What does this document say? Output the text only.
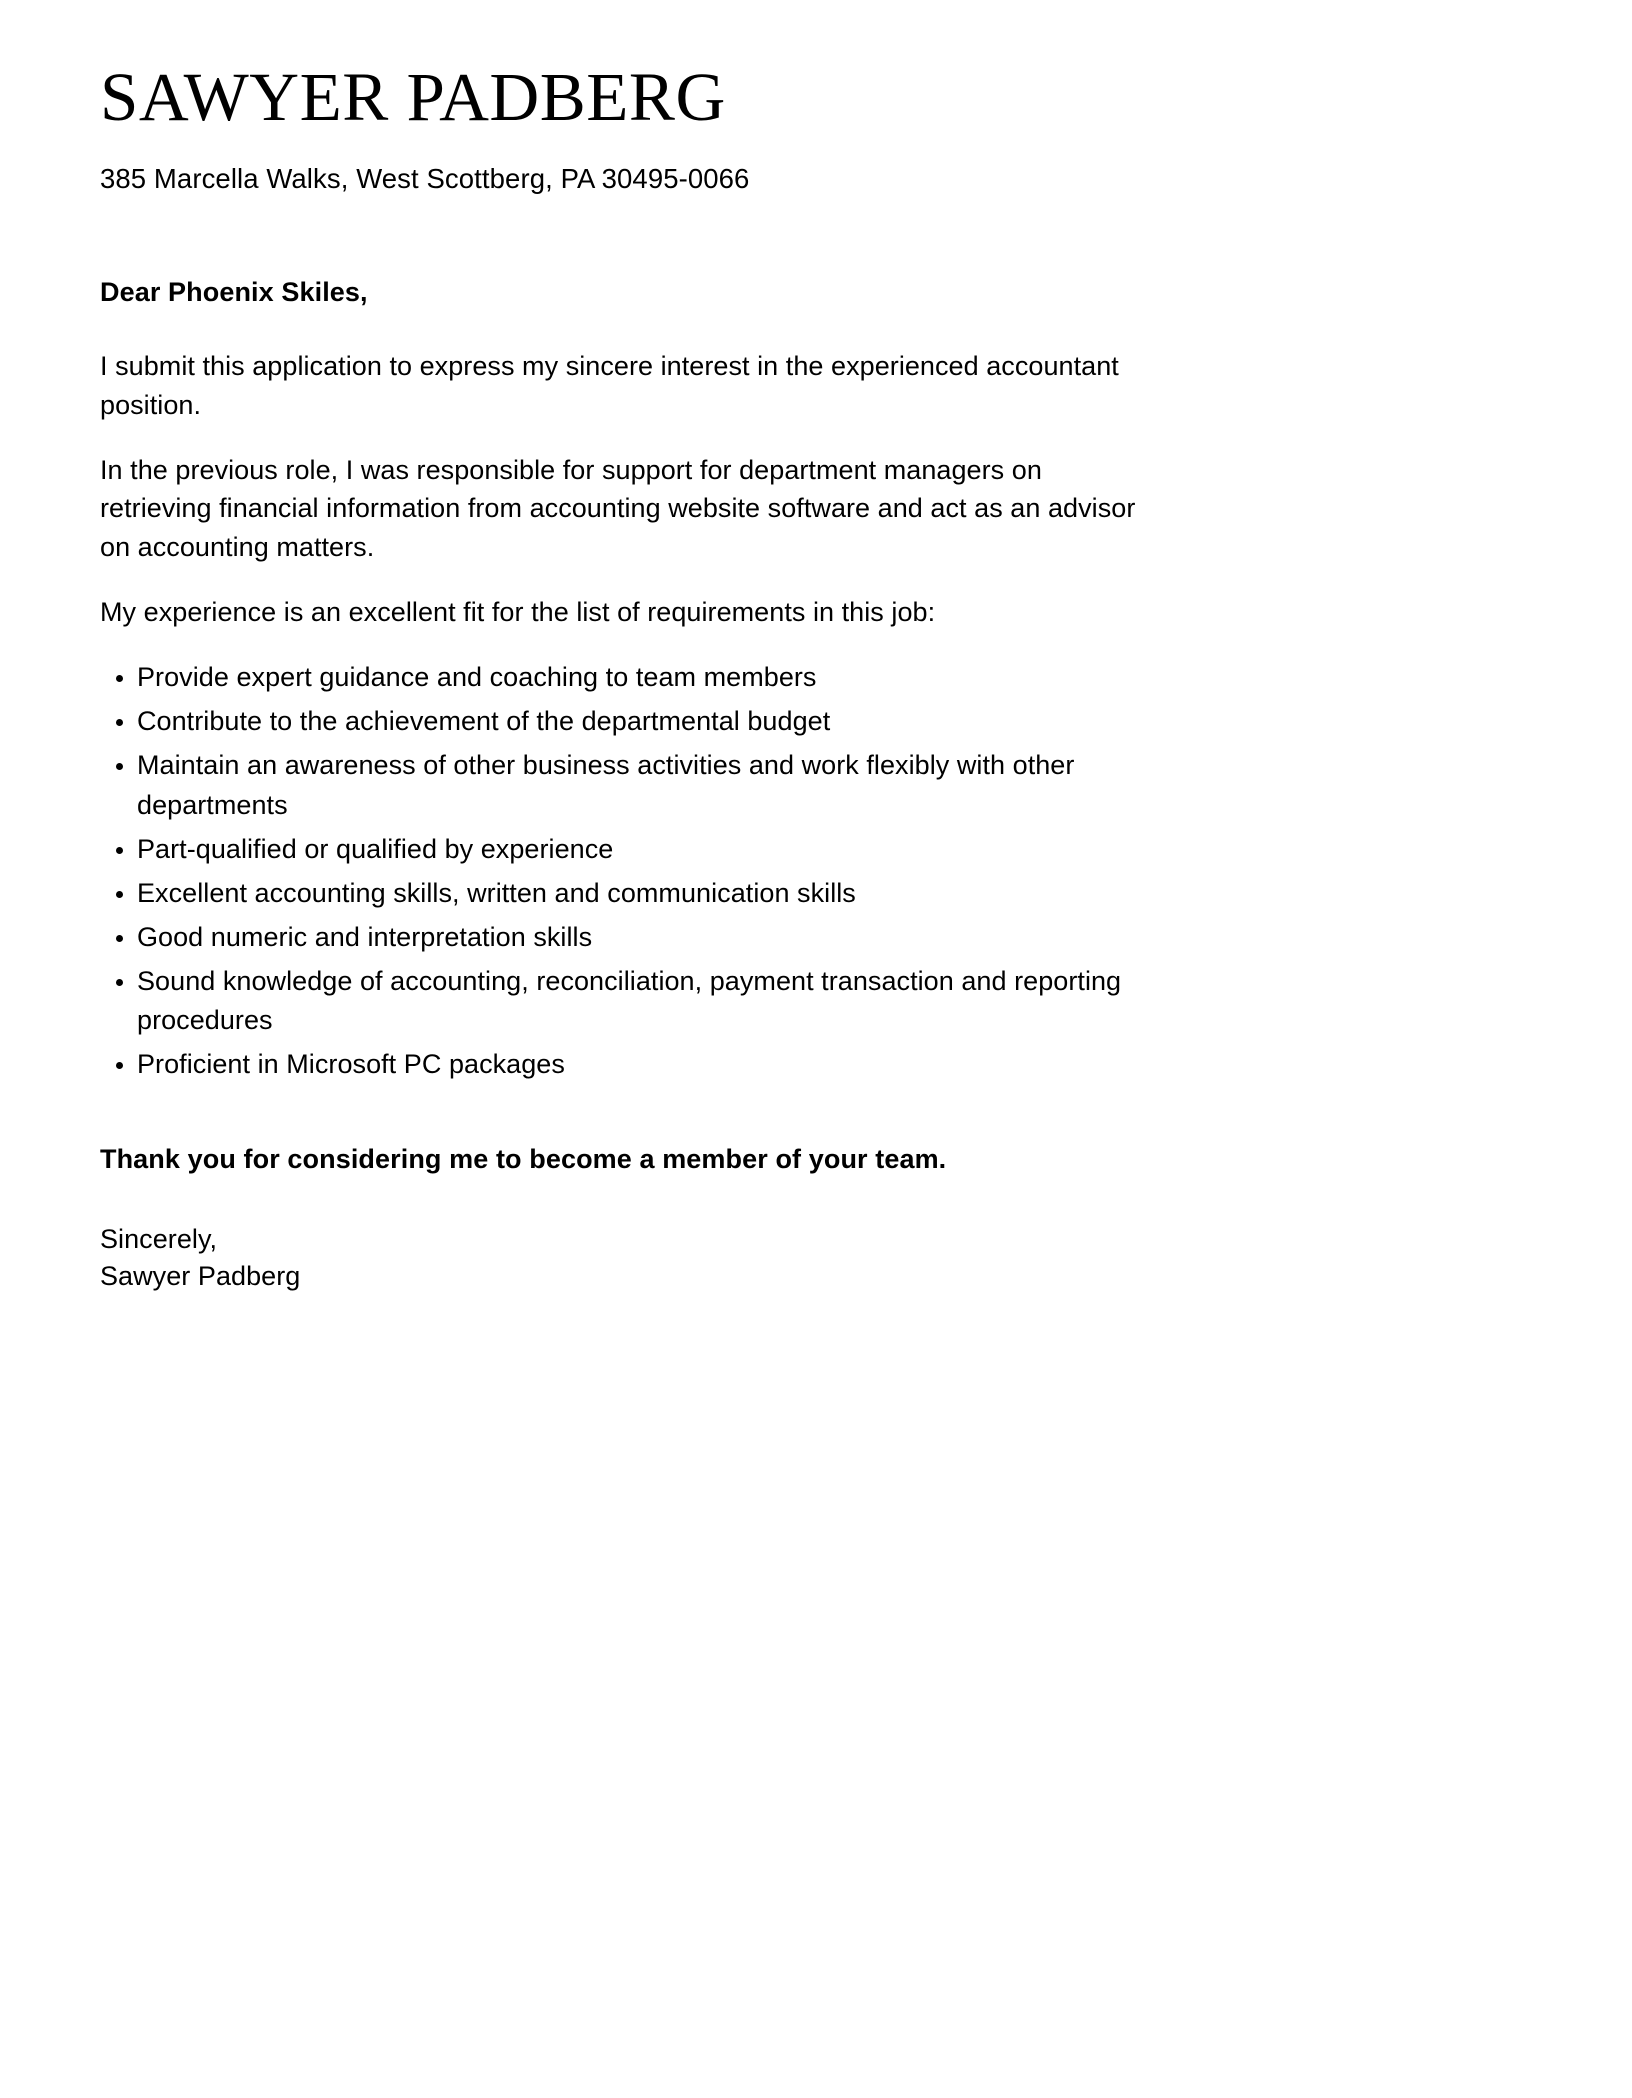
SAWYER PADBERG

385 Marcella Walks, West Scottberg, PA 30495-0066

Dear Phoenix Skiles,

I submit this application to express my sincere interest in the experienced accountant position.

In the previous role, I was responsible for support for department managers on retrieving financial information from accounting website software and act as an advisor on accounting matters.

My experience is an excellent fit for the list of requirements in this job:

Provide expert guidance and coaching to team members
Contribute to the achievement of the departmental budget
Maintain an awareness of other business activities and work flexibly with other departments
Part-qualified or qualified by experience
Excellent accounting skills, written and communication skills
Good numeric and interpretation skills
Sound knowledge of accounting, reconciliation, payment transaction and reporting procedures
Proficient in Microsoft PC packages

Thank you for considering me to become a member of your team.

Sincerely,
Sawyer Padberg
